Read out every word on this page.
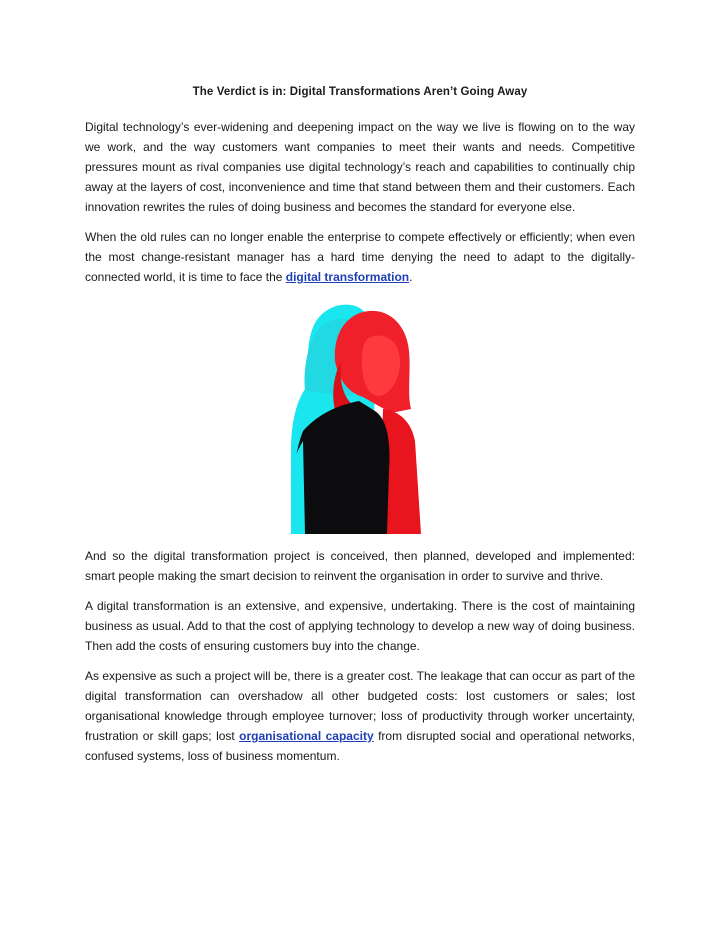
The Verdict is in: Digital Transformations Aren’t Going Away

Digital technology’s ever-widening and deepening impact on the way we live is flowing on to the way we work, and the way customers want companies to meet their wants and needs. Competitive pressures mount as rival companies use digital technology’s reach and capabilities to continually chip away at the layers of cost, inconvenience and time that stand between them and their customers. Each innovation rewrites the rules of doing business and becomes the standard for everyone else.

When the old rules can no longer enable the enterprise to compete effectively or efficiently; when even the most change-resistant manager has a hard time denying the need to adapt to the digitally-connected world, it is time to face the digital transformation.

And so the digital transformation project is conceived, then planned, developed and implemented: smart people making the smart decision to reinvent the organisation in order to survive and thrive.

A digital transformation is an extensive, and expensive, undertaking. There is the cost of maintaining business as usual. Add to that the cost of applying technology to develop a new way of doing business. Then add the costs of ensuring customers buy into the change.

As expensive as such a project will be, there is a greater cost. The leakage that can occur as part of the digital transformation can overshadow all other budgeted costs: lost customers or sales; lost organisational knowledge through employee turnover; loss of productivity through worker uncertainty, frustration or skill gaps; lost organisational capacity from disrupted social and operational networks, confused systems, loss of business momentum.
